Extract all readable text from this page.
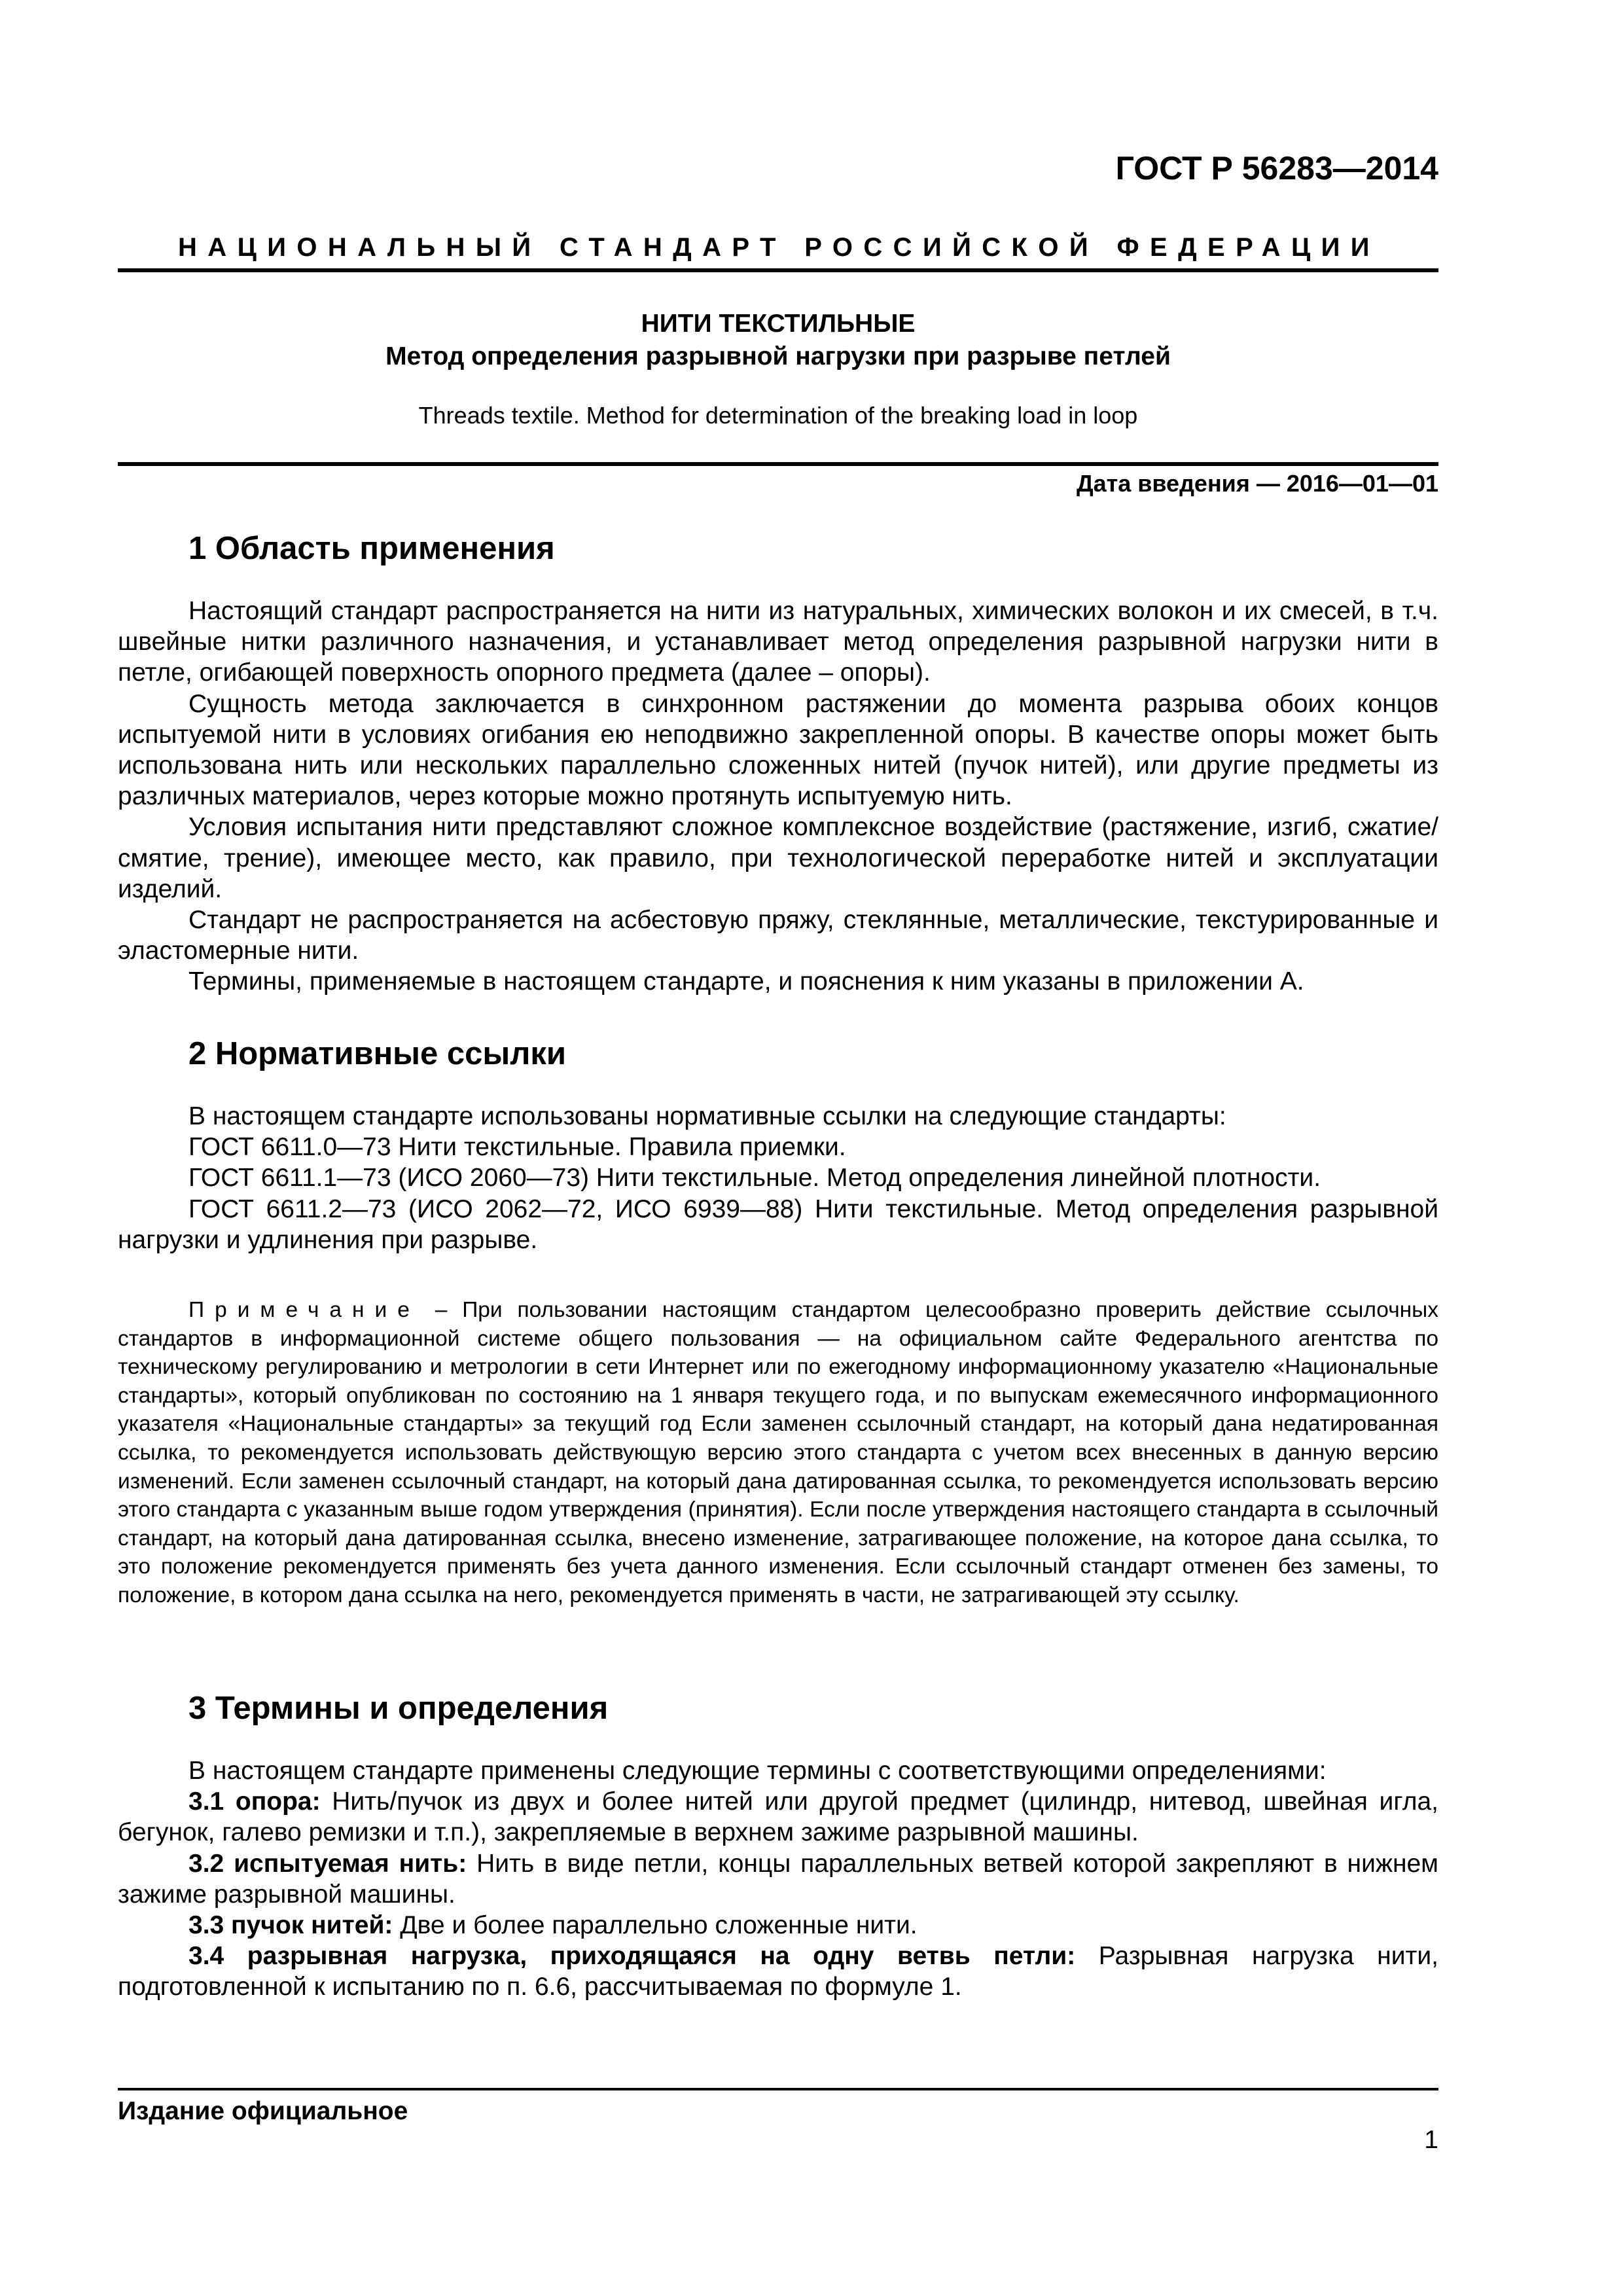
ГОСТ Р 56283—2014
НАЦИОНАЛЬНЫЙ СТАНДАРТ РОССИЙСКОЙ ФЕДЕРАЦИИ
НИТИ ТЕКСТИЛЬНЫЕ
Метод определения разрывной нагрузки при разрыве петлей
Threads textile. Method for determination of the breaking load in loop
Дата введения — 2016—01—01
1 Область применения

Настоящий стандарт распространяется на нити из натуральных, химических волокон и их смесей, в т.ч. швейные нитки различного назначения, и устанавливает метод определения разрывной нагрузки нити в петле, огибающей поверхность опорного предмета (далее – опоры).

Сущность метода заключается в синхронном растяжении до момента разрыва обоих концов испытуемой нити в условиях огибания ею неподвижно закрепленной опоры. В качестве опоры может быть использована нить или нескольких параллельно сложенных нитей (пучок нитей), или другие предметы из различных материалов, через которые можно протянуть испытуемую нить.

Условия испытания нити представляют сложное комплексное воздействие (растяжение, изгиб, сжатие/смятие, трение), имеющее место, как правило, при технологической переработке нитей и эксплуатации изделий.

Стандарт не распространяется на асбестовую пряжу, стеклянные, металлические, текстурированные и эластомерные нити.

Термины, применяемые в настоящем стандарте, и пояснения к ним указаны в приложении А.

2 Нормативные ссылки

В настоящем стандарте использованы нормативные ссылки на следующие стандарты:

ГОСТ 6611.0—73 Нити текстильные. Правила приемки.

ГОСТ 6611.1—73 (ИСО 2060—73) Нити текстильные. Метод определения линейной плотности.

ГОСТ 6611.2—73 (ИСО 2062—72, ИСО 6939—88) Нити текстильные. Метод определения разрывной нагрузки и удлинения при разрыве.

Примечание – При пользовании настоящим стандартом целесообразно проверить действие ссылочных стандартов в информационной системе общего пользования — на официальном сайте Федерального агентства по техническому регулированию и метрологии в сети Интернет или по ежегодному информационному указателю «Национальные стандарты», который опубликован по состоянию на 1 января текущего года, и по выпускам ежемесячного информационного указателя «Национальные стандарты» за текущий год Если заменен ссылочный стандарт, на который дана недатированная ссылка, то рекомендуется использовать действующую версию этого стандарта с учетом всех внесенных в данную версию изменений. Если заменен ссылочный стандарт, на который дана датированная ссылка, то рекомендуется использовать версию этого стандарта с указанным выше годом утверждения (принятия). Если после утверждения настоящего стандарта в ссылочный стандарт, на который дана датированная ссылка, внесено изменение, затрагивающее положение, на которое дана ссылка, то это положение рекомендуется применять без учета данного изменения. Если ссылочный стандарт отменен без замены, то положение, в котором дана ссылка на него, рекомендуется применять в части, не затрагивающей эту ссылку.

3 Термины и определения

В настоящем стандарте применены следующие термины с соответствующими определениями:

3.1 опора: Нить/пучок из двух и более нитей или другой предмет (цилиндр, нитевод, швейная игла, бегунок, галево ремизки и т.п.), закрепляемые в верхнем зажиме разрывной машины.

3.2 испытуемая нить: Нить в виде петли, концы параллельных ветвей которой закрепляют в нижнем зажиме разрывной машины.

3.3 пучок нитей: Две и более параллельно сложенные нити.

3.4 разрывная нагрузка, приходящаяся на одну ветвь петли: Разрывная нагрузка нити, подготовленной к испытанию по п. 6.6, рассчитываемая по формуле 1.

Издание официальное
1
